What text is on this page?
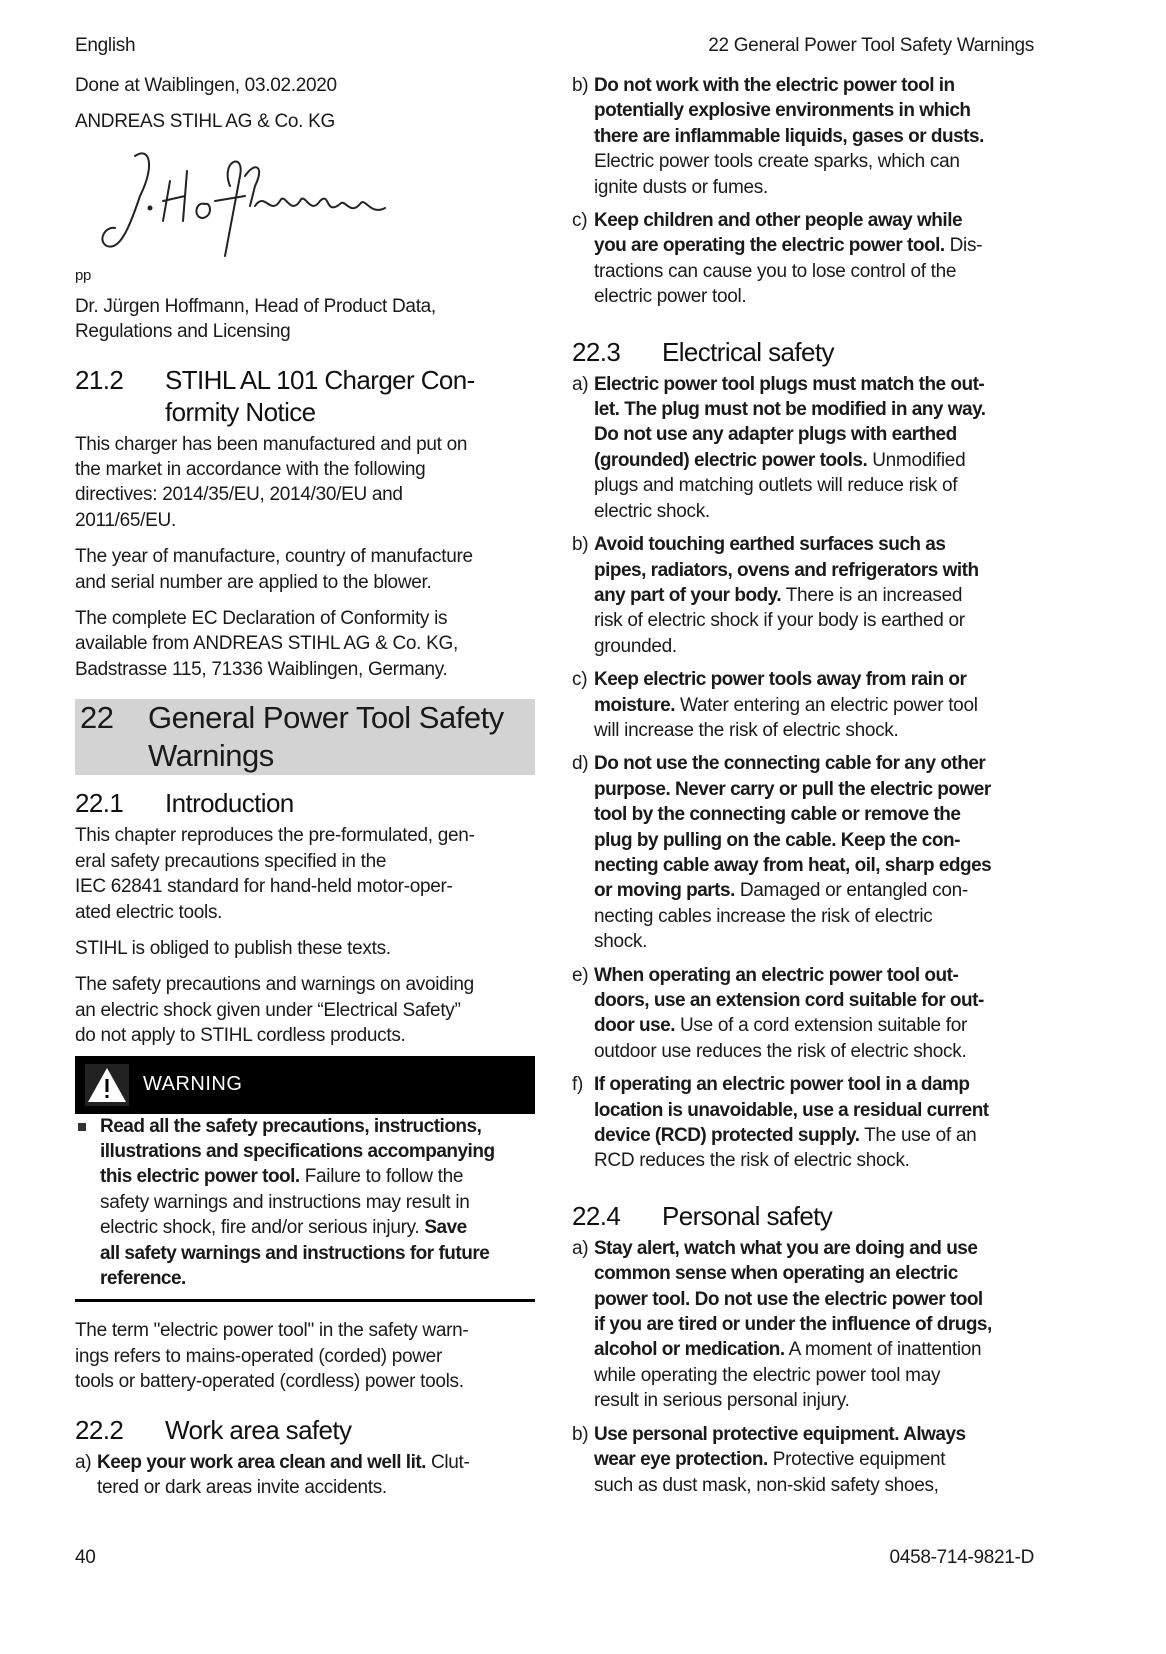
English	22 General Power Tool Safety Warnings
Done at Waiblingen, 03.02.2020
ANDREAS STIHL AG & Co. KG
pp
Dr. Jürgen Hoffmann, Head of Product Data,
Regulations and Licensing
21.2	STIHL AL 101 Charger Con-
formity Notice
This charger has been manufactured and put on
the market in accordance with the following
directives: 2014/35/EU, 2014/30/EU and
2011/65/EU.
The year of manufacture, country of manufacture
and serial number are applied to the blower.
The complete EC Declaration of Conformity is
available from ANDREAS STIHL AG & Co. KG,
Badstrasse 115, 71336 Waiblingen, Germany.
22	General Power Tool Safety
Warnings
22.1	Introduction
This chapter reproduces the pre-formulated, gen-
eral safety precautions specified in the
IEC 62841 standard for hand-held motor-oper-
ated electric tools.
STIHL is obliged to publish these texts.
The safety precautions and warnings on avoiding
an electric shock given under “Electrical Safety”
do not apply to STIHL cordless products.
WARNING
Read all the safety precautions, instructions,
illustrations and specifications accompanying
this electric power tool. Failure to follow the
safety warnings and instructions may result in
electric shock, fire and/or serious injury. Save
all safety warnings and instructions for future
reference.
The term "electric power tool" in the safety warn-
ings refers to mains-operated (corded) power
tools or battery-operated (cordless) power tools.
22.2	Work area safety
a) Keep your work area clean and well lit. Clut-
tered or dark areas invite accidents.
b) Do not work with the electric power tool in
potentially explosive environments in which
there are inflammable liquids, gases or dusts.
Electric power tools create sparks, which can
ignite dusts or fumes.
c) Keep children and other people away while
you are operating the electric power tool. Dis-
tractions can cause you to lose control of the
electric power tool.
22.3	Electrical safety
a) Electric power tool plugs must match the out-
let. The plug must not be modified in any way.
Do not use any adapter plugs with earthed
(grounded) electric power tools. Unmodified
plugs and matching outlets will reduce risk of
electric shock.
b) Avoid touching earthed surfaces such as
pipes, radiators, ovens and refrigerators with
any part of your body. There is an increased
risk of electric shock if your body is earthed or
grounded.
c) Keep electric power tools away from rain or
moisture. Water entering an electric power tool
will increase the risk of electric shock.
d) Do not use the connecting cable for any other
purpose. Never carry or pull the electric power
tool by the connecting cable or remove the
plug by pulling on the cable. Keep the con-
necting cable away from heat, oil, sharp edges
or moving parts. Damaged or entangled con-
necting cables increase the risk of electric
shock.
e) When operating an electric power tool out-
doors, use an extension cord suitable for out-
door use. Use of a cord extension suitable for
outdoor use reduces the risk of electric shock.
f) If operating an electric power tool in a damp
location is unavoidable, use a residual current
device (RCD) protected supply. The use of an
RCD reduces the risk of electric shock.
22.4	Personal safety
a) Stay alert, watch what you are doing and use
common sense when operating an electric
power tool. Do not use the electric power tool
if you are tired or under the influence of drugs,
alcohol or medication. A moment of inattention
while operating the electric power tool may
result in serious personal injury.
b) Use personal protective equipment. Always
wear eye protection. Protective equipment
such as dust mask, non-skid safety shoes,
40	0458-714-9821-D
